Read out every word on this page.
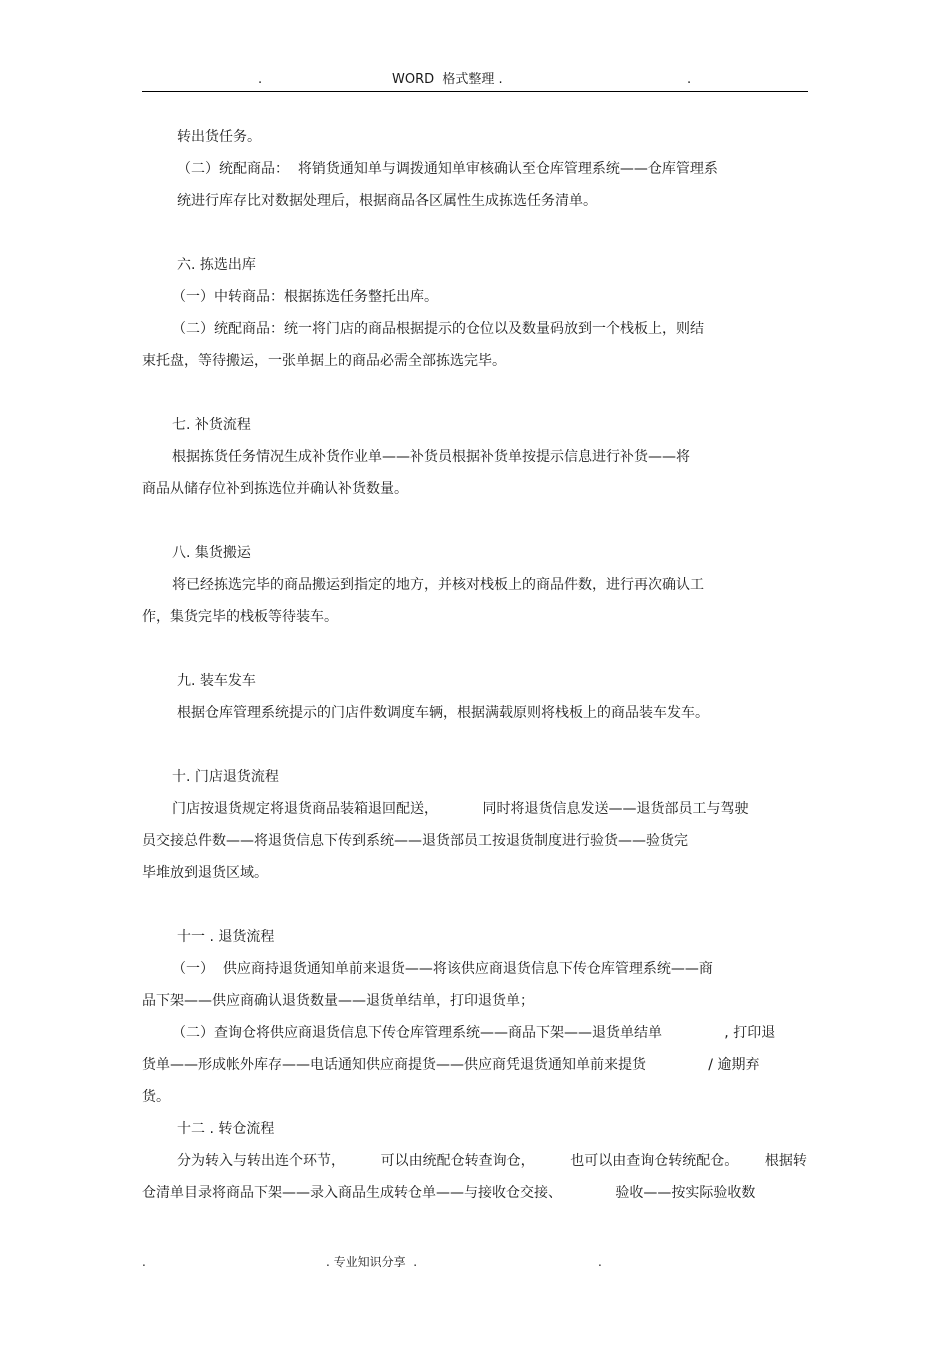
.	WORD  格式整理 .	.
转出货任务。
（二）统配商品：  将销货通知单与调拨通知单审核确认至仓库管理系统——仓库管理系
统进行库存比对数据处理后，根据商品各区属性生成拣选任务清单。
六. 拣选出库
（一）中转商品：根据拣选任务整托出库。
（二）统配商品：统一将门店的商品根据提示的仓位以及数量码放到一个栈板上，则结
束托盘，等待搬运，一张单据上的商品必需全部拣选完毕。
七. 补货流程
根据拣货任务情况生成补货作业单——补货员根据补货单按提示信息进行补货——将
商品从储存位补到拣选位并确认补货数量。
八. 集货搬运
将已经拣选完毕的商品搬运到指定的地方，并核对栈板上的商品件数，进行再次确认工
作，集货完毕的栈板等待装车。
九. 装车发车
根据仓库管理系统提示的门店件数调度车辆，根据满载原则将栈板上的商品装车发车。
十. 门店退货流程
门店按退货规定将退货商品装箱退回配送，          同时将退货信息发送——退货部员工与驾驶
员交接总件数——将退货信息下传到系统——退货部员工按退货制度进行验货——验货完
毕堆放到退货区域。
十一 . 退货流程
（一）  供应商持退货通知单前来退货——将该供应商退货信息下传仓库管理系统——商
品下架——供应商确认退货数量——退货单结单，打印退货单；
（二）查询仓将供应商退货信息下传仓库管理系统——商品下架——退货单结单              , 打印退
货单——形成帐外库存——电话通知供应商提货——供应商凭退货通知单前来提货              / 逾期弃
货。
十二 . 转仓流程
分为转入与转出连个环节，        可以由统配仓转查询仓，        也可以由查询仓转统配仓。      根据转
仓清单目录将商品下架——录入商品生成转仓单——与接收仓交接、            验收——按实际验收数
.	. 专业知识分享  .	.
